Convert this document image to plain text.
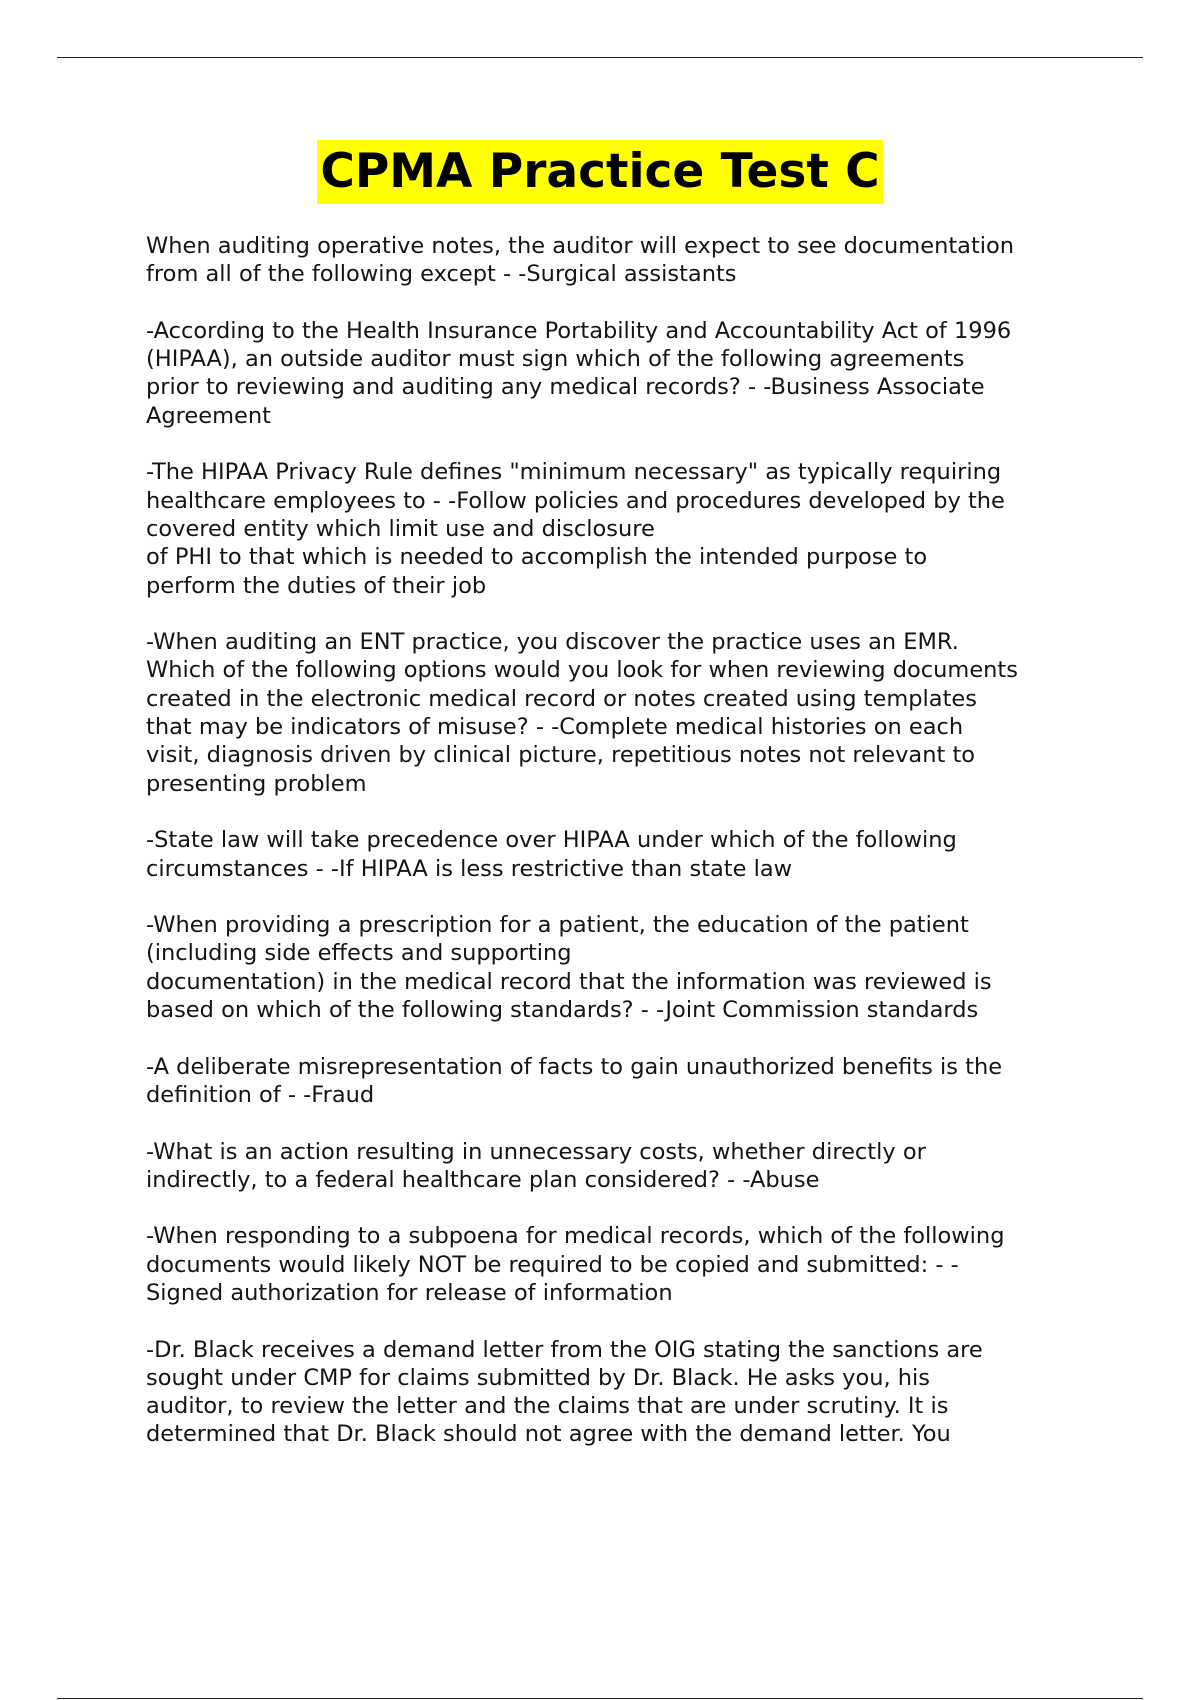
CPMA Practice Test C

When auditing operative notes, the auditor will expect to see documentation
from all of the following except - -Surgical assistants

-According to the Health Insurance Portability and Accountability Act of 1996
(HIPAA), an outside auditor must sign which of the following agreements
prior to reviewing and auditing any medical records? - -Business Associate
Agreement

-The HIPAA Privacy Rule defines "minimum necessary" as typically requiring
healthcare employees to - -Follow policies and procedures developed by the
covered entity which limit use and disclosure
of PHI to that which is needed to accomplish the intended purpose to
perform the duties of their job

-When auditing an ENT practice, you discover the practice uses an EMR.
Which of the following options would you look for when reviewing documents
created in the electronic medical record or notes created using templates
that may be indicators of misuse? - -Complete medical histories on each
visit, diagnosis driven by clinical picture, repetitious notes not relevant to
presenting problem

-State law will take precedence over HIPAA under which of the following
circumstances - -If HIPAA is less restrictive than state law

-When providing a prescription for a patient, the education of the patient
(including side effects and supporting
documentation) in the medical record that the information was reviewed is
based on which of the following standards? - -Joint Commission standards

-A deliberate misrepresentation of facts to gain unauthorized benefits is the
definition of - -Fraud

-What is an action resulting in unnecessary costs, whether directly or
indirectly, to a federal healthcare plan considered? - -Abuse

-When responding to a subpoena for medical records, which of the following
documents would likely NOT be required to be copied and submitted: - -
Signed authorization for release of information

-Dr. Black receives a demand letter from the OIG stating the sanctions are
sought under CMP for claims submitted by Dr. Black. He asks you, his
auditor, to review the letter and the claims that are under scrutiny. It is
determined that Dr. Black should not agree with the demand letter. You
